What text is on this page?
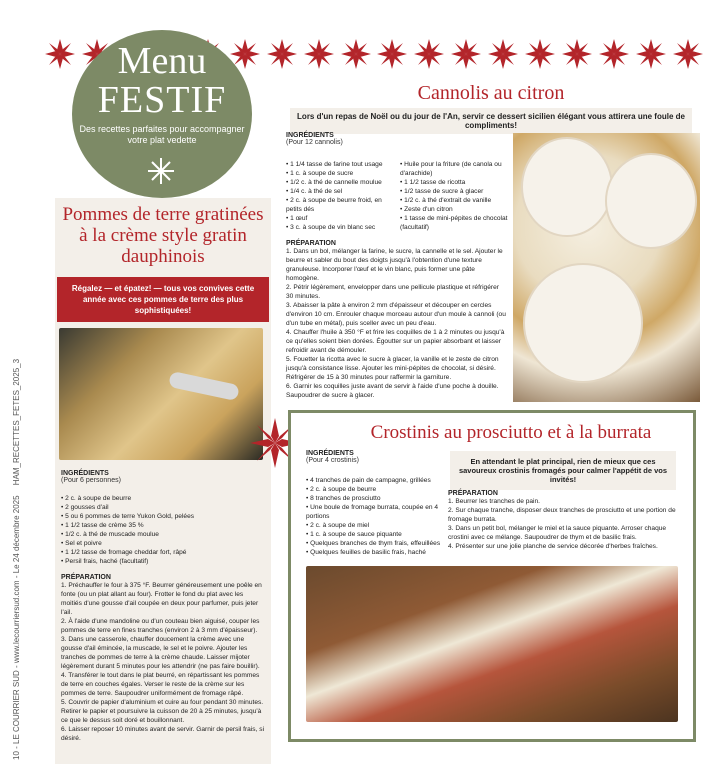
Menu
FESTIF
Des recettes parfaites pour accompagner votre plat vedette
10 - LE COURRIER SUD - www.lecourriersud.com - Le 24 décembre 2025 HAM_RECETTES_FETES_2025_3
Pommes de terre gratinées à la crème style gratin dauphinois
Régalez — et épatez! — tous vos convives cette année avec ces pommes de terre des plus sophistiquées!
INGRÉDIENTS
(Pour 6 personnes)
• 2 c. à soupe de beurre
• 2 gousses d'ail
• 5 ou 6 pommes de terre Yukon Gold, pelées
• 1 1/2 tasse de crème 35 %
• 1/2 c. à thé de muscade moulue
• Sel et poivre
• 1 1/2 tasse de fromage cheddar fort, râpé
• Persil frais, haché (facultatif)
PRÉPARATION
1. Préchauffer le four à 375 °F. Beurrer généreusement une poêle en fonte (ou un plat allant au four). Frotter le fond du plat avec les moitiés d'une gousse d'ail coupée en deux pour parfumer, puis jeter l'ail.
2. À l'aide d'une mandoline ou d'un couteau bien aiguisé, couper les pommes de terre en fines tranches (environ 2 à 3 mm d'épaisseur).
3. Dans une casserole, chauffer doucement la crème avec une gousse d'ail émincée, la muscade, le sel et le poivre. Ajouter les tranches de pommes de terre à la crème chaude. Laisser mijoter légèrement durant 5 minutes pour les attendrir (ne pas faire bouillir).
4. Transférer le tout dans le plat beurré, en répartissant les pommes de terre en couches égales. Verser le reste de la crème sur les pommes de terre. Saupoudrer uniformément de fromage râpé.
5. Couvrir de papier d'aluminium et cuire au four pendant 30 minutes. Retirer le papier et poursuivre la cuisson de 20 à 25 minutes, jusqu'à ce que le dessus soit doré et bouillonnant.
6. Laisser reposer 10 minutes avant de servir. Garnir de persil frais, si désiré.
Cannolis au citron
Lors d'un repas de Noël ou du jour de l'An, servir ce dessert sicilien élégant vous attirera une foule de compliments!
INGRÉDIENTS
(Pour 12 cannolis)
• 1 1/4 tasse de farine tout usage
• 1 c. à soupe de sucre
• 1/2 c. à thé de cannelle moulue
• 1/4 c. à thé de sel
• 2 c. à soupe de beurre froid, en petits dés
• 1 œuf
• 3 c. à soupe de vin blanc sec
• Huile pour la friture (de canola ou d'arachide)
• 1 1/2 tasse de ricotta
• 1/2 tasse de sucre à glacer
• 1/2 c. à thé d'extrait de vanille
• Zeste d'un citron
• 1 tasse de mini-pépites de chocolat (facultatif)
PRÉPARATION
1. Dans un bol, mélanger la farine, le sucre, la cannelle et le sel. Ajouter le beurre et sabler du bout des doigts jusqu'à l'obtention d'une texture granuleuse. Incorporer l'œuf et le vin blanc, puis former une pâte homogène.
2. Pétrir légèrement, envelopper dans une pellicule plastique et réfrigérer 30 minutes.
3. Abaisser la pâte à environ 2 mm d'épaisseur et découper en cercles d'environ 10 cm. Enrouler chaque morceau autour d'un moule à cannoli (ou d'un tube en métal), puis sceller avec un peu d'eau.
4. Chauffer l'huile à 350 °F et frire les coquilles de 1 à 2 minutes ou jusqu'à ce qu'elles soient bien dorées. Égoutter sur un papier absorbant et laisser refroidir avant de démouler.
5. Fouetter la ricotta avec le sucre à glacer, la vanille et le zeste de citron jusqu'à consistance lisse. Ajouter les mini-pépites de chocolat, si désiré. Réfrigérer de 15 à 30 minutes pour raffermir la garniture.
6. Garnir les coquilles juste avant de servir à l'aide d'une poche à douille. Saupoudrer de sucre à glacer.
Crostinis au prosciutto et à la burrata
INGRÉDIENTS
(Pour 4 crostinis)
• 4 tranches de pain de campagne, grillées
• 2 c. à soupe de beurre
• 8 tranches de prosciutto
• Une boule de fromage burrata, coupée en 4 portions
• 2 c. à soupe de miel
• 1 c. à soupe de sauce piquante
• Quelques branches de thym frais, effeuillées
• Quelques feuilles de basilic frais, haché
En attendant le plat principal, rien de mieux que ces savoureux crostinis fromagés pour calmer l'appétit de vos invités!
PRÉPARATION
1. Beurrer les tranches de pain.
2. Sur chaque tranche, disposer deux tranches de prosciutto et une portion de fromage burrata.
3. Dans un petit bol, mélanger le miel et la sauce piquante. Arroser chaque crostini avec ce mélange. Saupoudrer de thym et de basilic frais.
4. Présenter sur une jolie planche de service décorée d'herbes fraîches.
